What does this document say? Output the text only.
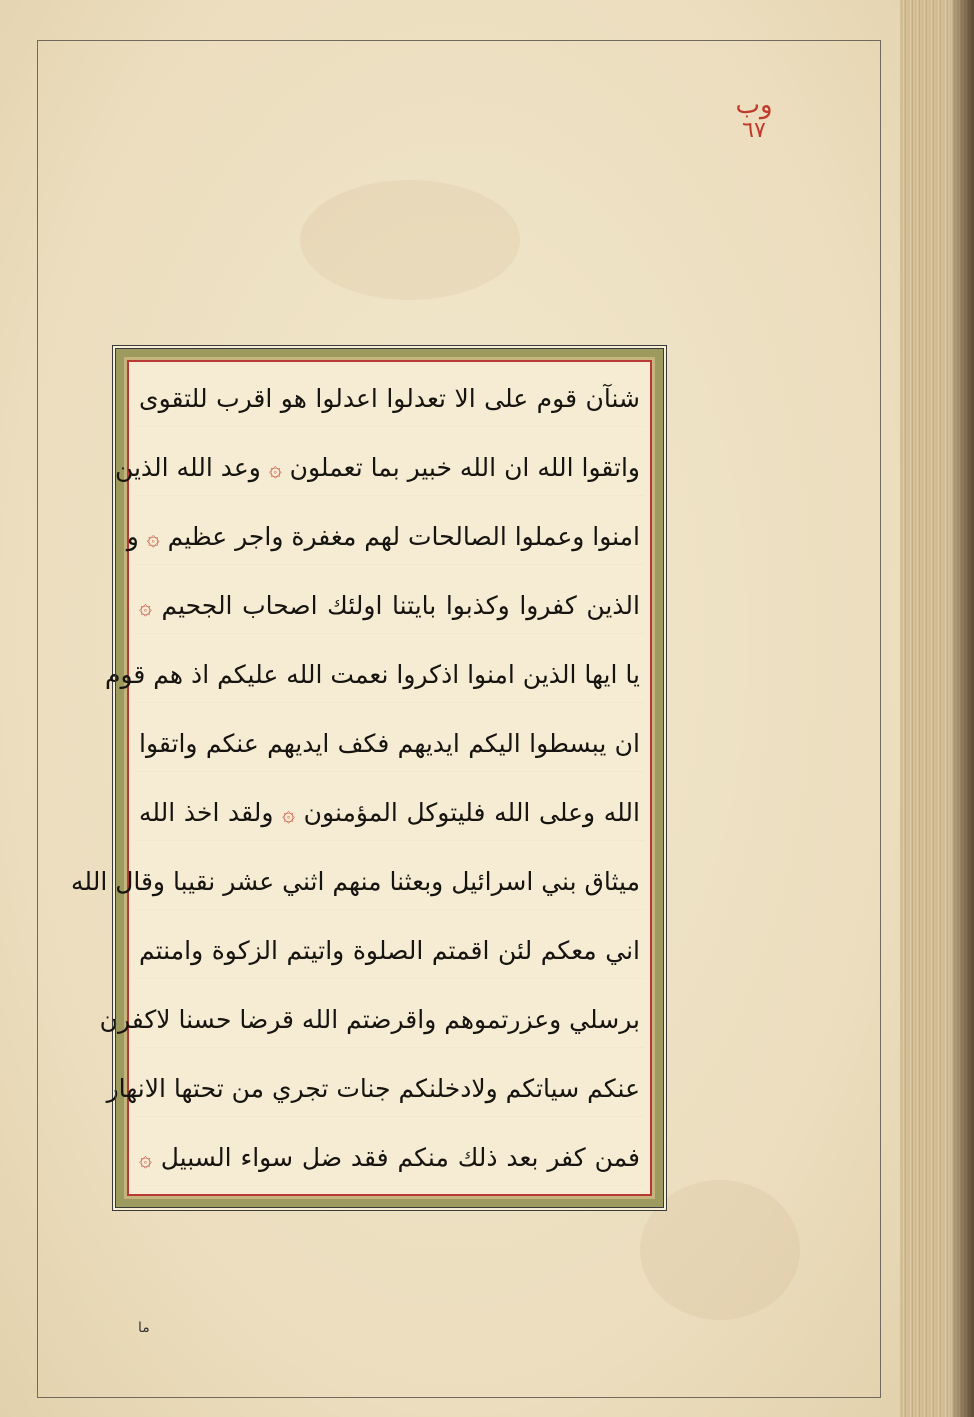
وب
٦٧
شنآن قوم على الا تعدلوا اعدلوا هو اقرب للتقوى
واتقوا الله ان الله خبير بما تعملون ۞ وعد الله الذين
امنوا وعملوا الصالحات لهم مغفرة واجر عظيم ۞ و
الذين كفروا وكذبوا بايتنا اولئك اصحاب الجحيم ۞
يا ايها الذين امنوا اذكروا نعمت الله عليكم اذ هم قوم
ان يبسطوا اليكم ايديهم فكف ايديهم عنكم واتقوا
الله وعلى الله فليتوكل المؤمنون ۞ ولقد اخذ الله
ميثاق بني اسرائيل وبعثنا منهم اثني عشر نقيبا وقال الله
اني معكم لئن اقمتم الصلوة واتيتم الزكوة وامنتم
برسلي وعزرتموهم واقرضتم الله قرضا حسنا لاكفرن
عنكم سياتكم ولادخلنكم جنات تجري من تحتها الانهار
فمن كفر بعد ذلك منكم فقد ضل سواء السبيل ۞
ما
